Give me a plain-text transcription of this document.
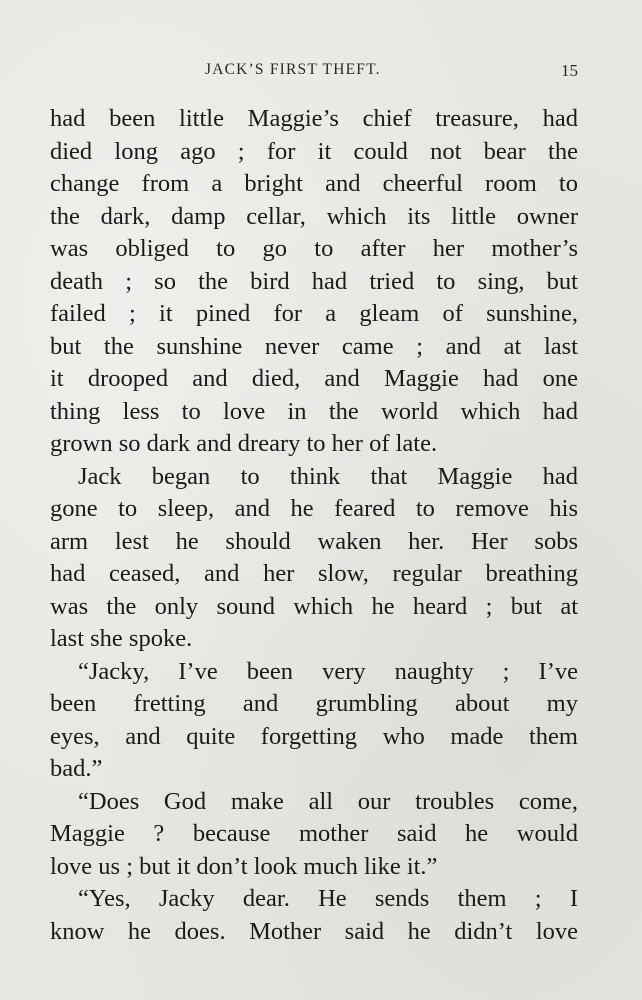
JACK’S FIRST THEFT.	15
had been little Maggie’s chief treasure, had
died long ago ; for it could not bear the
change from a bright and cheerful room to
the dark, damp cellar, which its little owner
was obliged to go to after her mother’s
death ; so the bird had tried to sing, but
failed ; it pined for a gleam of sunshine,
but the sunshine never came ; and at last
it drooped and died, and Maggie had one
thing less to love in the world which had
grown so dark and dreary to her of late.
Jack began to think that Maggie had
gone to sleep, and he feared to remove his
arm lest he should waken her. Her sobs
had ceased, and her slow, regular breathing
was the only sound which he heard ; but at
last she spoke.
“Jacky, I’ve been very naughty ; I’ve
been fretting and grumbling about my
eyes, and quite forgetting who made them
bad.”
“Does God make all our troubles come,
Maggie ? because mother said he would
love us ; but it don’t look much like it.”
“Yes, Jacky dear. He sends them ; I
know he does. Mother said he didn’t love
